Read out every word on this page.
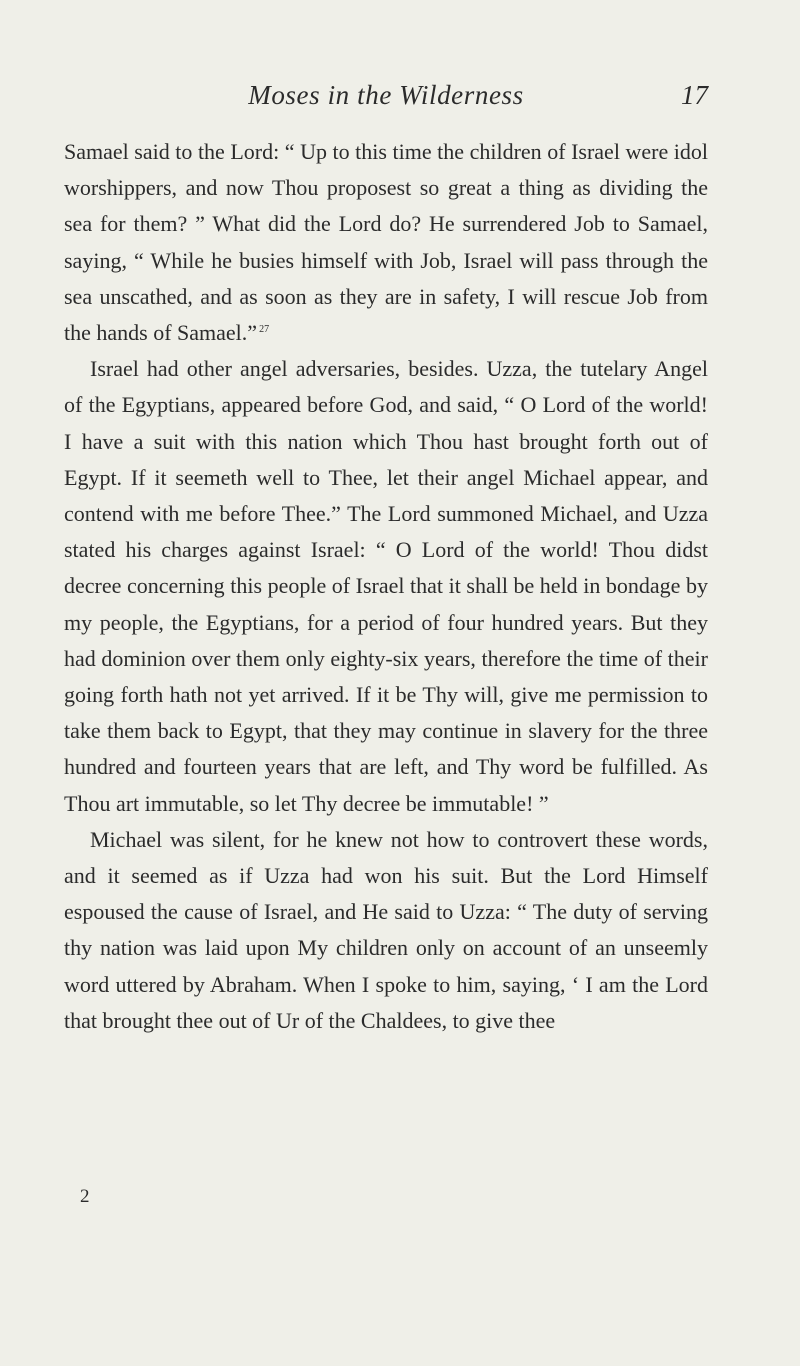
Moses in the Wilderness	17

Samael said to the Lord: “ Up to this time the children of Israel were idol worshippers, and now Thou proposest so great a thing as dividing the sea for them? ” What did the Lord do? He surrendered Job to Samael, saying, “ While he busies himself with Job, Israel will pass through the sea unscathed, and as soon as they are in safety, I will rescue Job from the hands of Samael.” $^{27}$

Israel had other angel adversaries, besides. Uzza, the tutelary Angel of the Egyptians, appeared before God, and said, “ O Lord of the world! I have a suit with this nation which Thou hast brought forth out of Egypt. If it seemeth well to Thee, let their angel Michael appear, and contend with me before Thee.” The Lord summoned Michael, and Uzza stated his charges against Israel: “ O Lord of the world! Thou didst decree concerning this people of Israel that it shall be held in bondage by my people, the Egyptians, for a period of four hundred years. But they had dominion over them only eighty-six years, therefore the time of their going forth hath not yet arrived. If it be Thy will, give me permission to take them back to Egypt, that they may continue in slavery for the three hundred and fourteen years that are left, and Thy word be fulfilled. As Thou art immutable, so let Thy decree be immutable! ”

Michael was silent, for he knew not how to controvert these words, and it seemed as if Uzza had won his suit. But the Lord Himself espoused the cause of Israel, and He said to Uzza: “ The duty of serving thy nation was laid upon My children only on account of an unseemly word uttered by Abraham. When I spoke to him, saying, ‘ I am the Lord that brought thee out of Ur of the Chaldees, to give thee

2
